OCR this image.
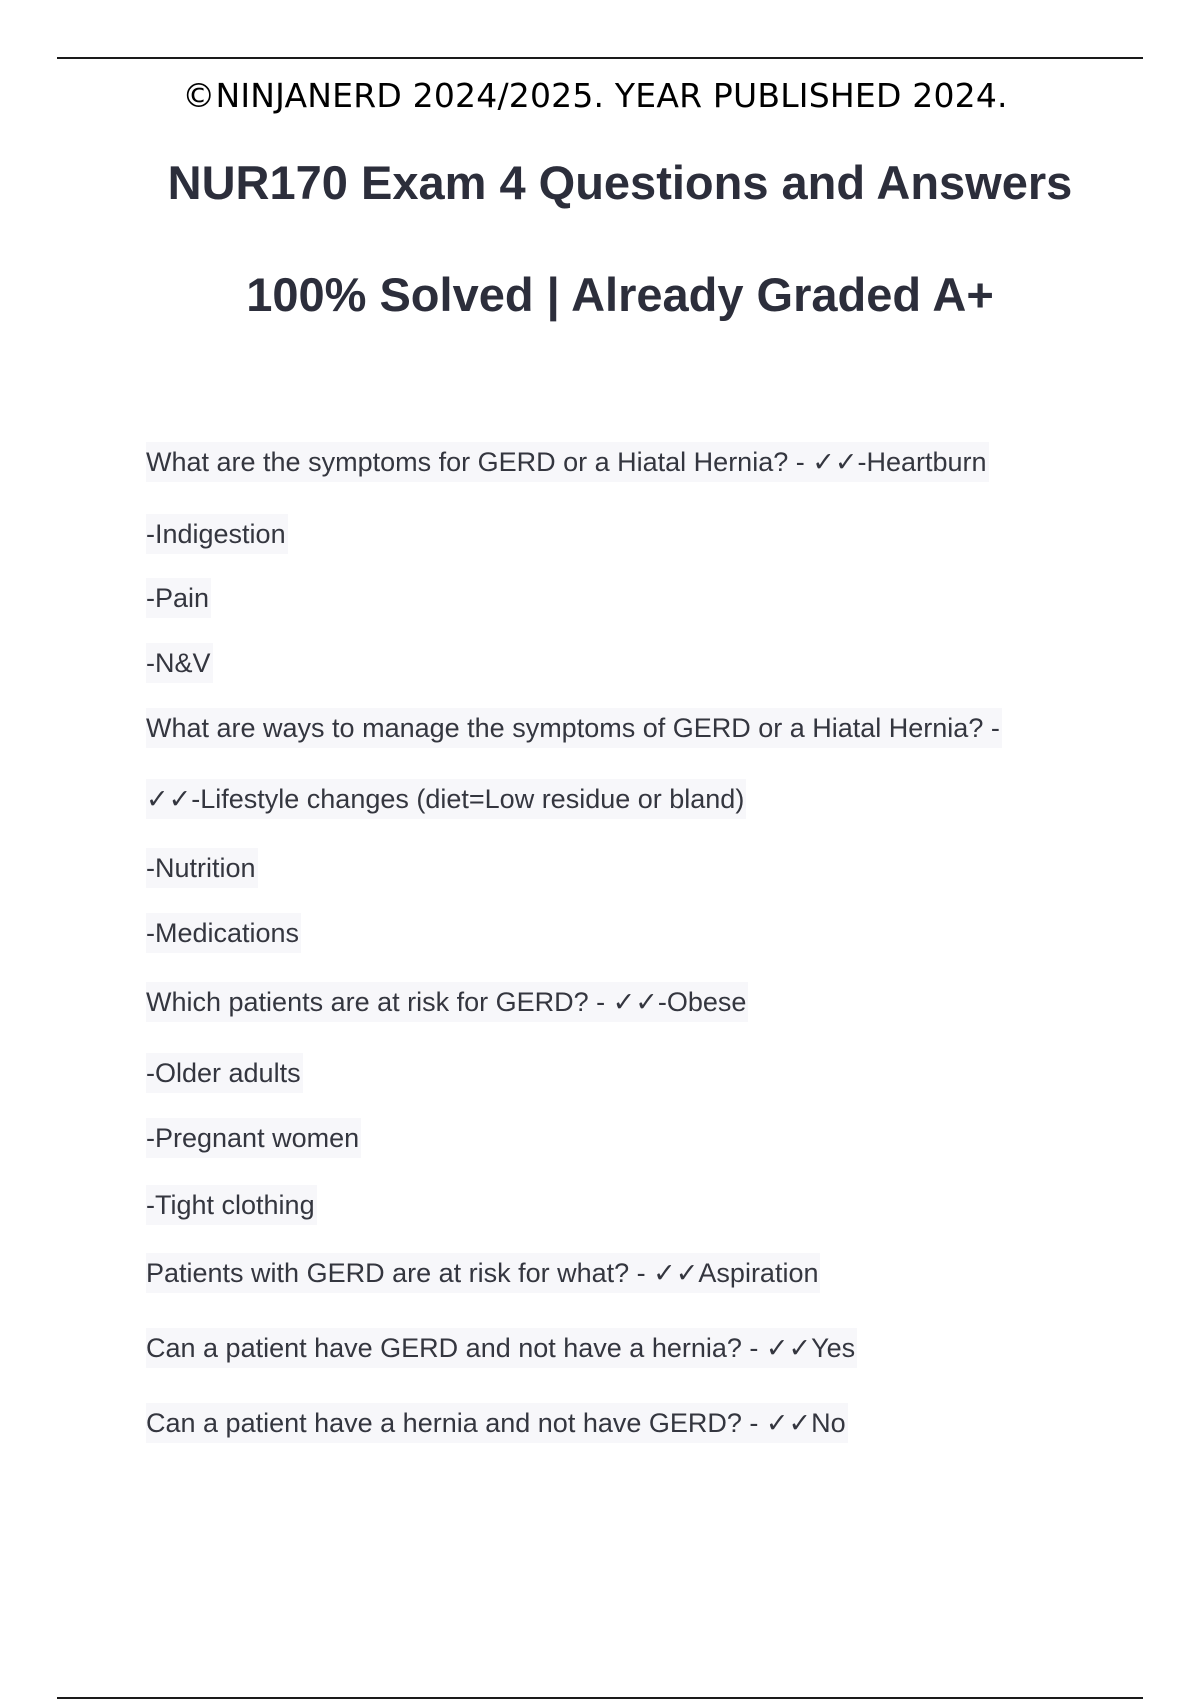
©NINJANERD 2024/2025. YEAR PUBLISHED 2024.
NUR170 Exam 4 Questions and Answers
100% Solved | Already Graded A+
What are the symptoms for GERD or a Hiatal Hernia? - ✓✓-Heartburn
-Indigestion
-Pain
-N&V
What are ways to manage the symptoms of GERD or a Hiatal Hernia? -
✓✓-Lifestyle changes (diet=Low residue or bland)
-Nutrition
-Medications
Which patients are at risk for GERD? - ✓✓-Obese
-Older adults
-Pregnant women
-Tight clothing
Patients with GERD are at risk for what? - ✓✓Aspiration
Can a patient have GERD and not have a hernia? - ✓✓Yes
Can a patient have a hernia and not have GERD? - ✓✓No
